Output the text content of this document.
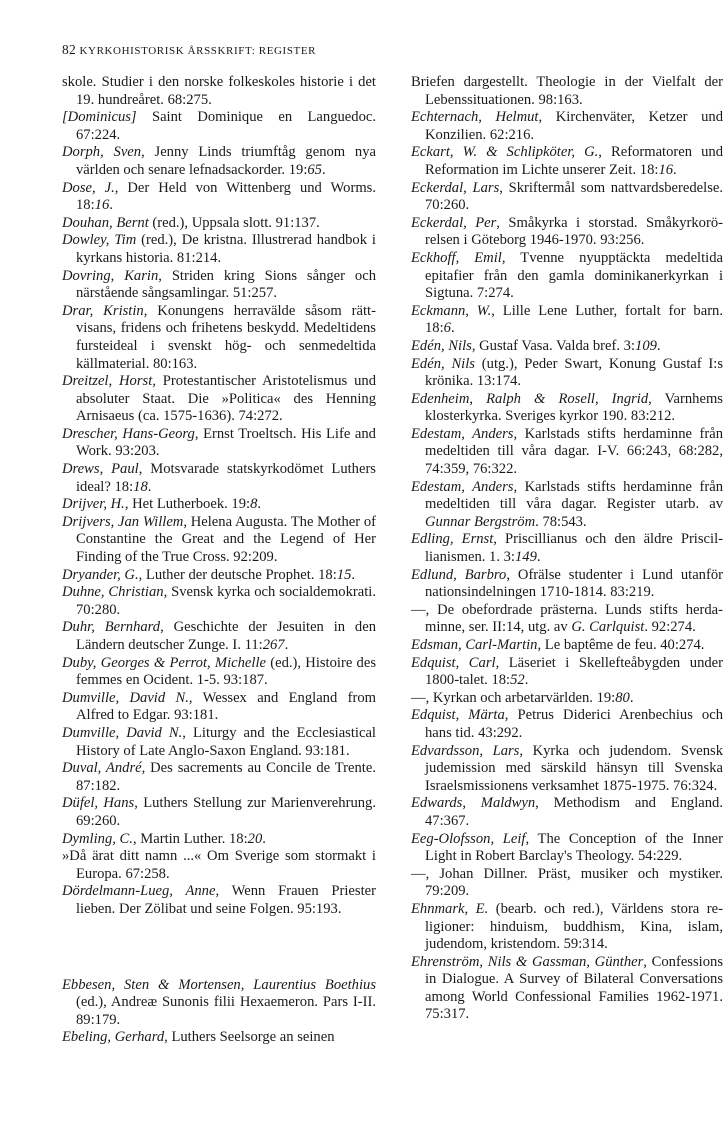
82 KYRKOHISTORISK ÅRSSKRIFT: REGISTER

skole. Studier i den norske folkeskoles historie i det 19. hundreåret. 68:275.

[Dominicus] Saint Dominique en Languedoc. 67:224.

Dorph, Sven, Jenny Linds triumftåg genom nya världen och senare lefnadsackorder. 19:65.

Dose, J., Der Held von Wittenberg und Worms. 18:16.

Douhan, Bernt (red.), Uppsala slott. 91:137.

Dowley, Tim (red.), De kristna. Illustrerad handbok i kyrkans historia. 81:214.

Dovring, Karin, Striden kring Sions sånger och närstående sångsamlingar. 51:257.

Drar, Kristin, Konungens herravälde såsom rättvisans, fridens och frihetens beskydd. Medeltidens fursteideal i svenskt hög- och senmedeltida källmaterial. 80:163.

Dreitzel, Horst, Protestantischer Aristotelismus und absoluter Staat. Die »Politica« des Henning Arnisaeus (ca. 1575-1636). 74:272.

Drescher, Hans-Georg, Ernst Troeltsch. His Life and Work. 93:203.

Drews, Paul, Motsvarade statskyrkodömet Luthers ideal? 18:18.

Drijver, H., Het Lutherboek. 19:8.

Drijvers, Jan Willem, Helena Augusta. The Mother of Constantine the Great and the Legend of Her Finding of the True Cross. 92:209.

Dryander, G., Luther der deutsche Prophet. 18:15.

Duhne, Christian, Svensk kyrka och socialdemokrati. 70:280.

Duhr, Bernhard, Geschichte der Jesuiten in den Ländern deutscher Zunge. I. 11:267.

Duby, Georges & Perrot, Michelle (ed.), Histoire des femmes en Ocident. 1-5. 93:187.

Dumville, David N., Wessex and England from Alfred to Edgar. 93:181.

Dumville, David N., Liturgy and the Ecclesiastical History of Late Anglo-Saxon England. 93:181.

Duval, André, Des sacrements au Concile de Trente. 87:182.

Düfel, Hans, Luthers Stellung zur Marienverehrung. 69:260.

Dymling, C., Martin Luther. 18:20.

»Då ärat ditt namn ...« Om Sverige som stormakt i Europa. 67:258.

Dördelmann-Lueg, Anne, Wenn Frauen Priester lieben. Der Zölibat und seine Folgen. 95:193.

Ebbesen, Sten & Mortensen, Laurentius Boethius (ed.), Andreæ Sunonis filii Hexaemeron. Pars I-II. 89:179.

Ebeling, Gerhard, Luthers Seelsorge an seinen

Briefen dargestellt. Theologie in der Vielfalt der Lebenssituationen. 98:163.

Echternach, Helmut, Kirchenväter, Ketzer und Konzilien. 62:216.

Eckart, W. & Schlipköter, G., Reformatoren und Reformation im Lichte unserer Zeit. 18:16.

Eckerdal, Lars, Skriftermål som nattvardsberedelse. 70:260.

Eckerdal, Per, Småkyrka i storstad. Småkyrkorörelsen i Göteborg 1946-1970. 93:256.

Eckhoff, Emil, Tvenne nyupptäckta medeltida epitafier från den gamla dominikanerkyrkan i Sigtuna. 7:274.

Eckmann, W., Lille Lene Luther, fortalt for barn. 18:6.

Edén, Nils, Gustaf Vasa. Valda bref. 3:109.

Edén, Nils (utg.), Peder Swart, Konung Gustaf I:s krönika. 13:174.

Edenheim, Ralph & Rosell, Ingrid, Varnhems klosterkyrka. Sveriges kyrkor 190. 83:212.

Edestam, Anders, Karlstads stifts herdaminne från medeltiden till våra dagar. I-V. 66:243, 68:282, 74:359, 76:322.

Edestam, Anders, Karlstads stifts herdaminne från medeltiden till våra dagar. Register utarb. av Gunnar Bergström. 78:543.

Edling, Ernst, Priscillianus och den äldre Priscillianismen. 1. 3:149.

Edlund, Barbro, Ofrälse studenter i Lund utanför nationsindelningen 1710-1814. 83:219.

—, De obefordrade prästerna. Lunds stifts herdaminne, ser. II:14, utg. av G. Carlquist. 92:274.

Edsman, Carl-Martin, Le baptême de feu. 40:274.

Edquist, Carl, Läseriet i Skellefteåbygden under 1800-talet. 18:52.

—, Kyrkan och arbetarvärlden. 19:80.

Edquist, Märta, Petrus Diderici Arenbechius och hans tid. 43:292.

Edvardsson, Lars, Kyrka och judendom. Svensk judemission med särskild hänsyn till Svenska Israelsmissionens verksamhet 1875-1975. 76:324.

Edwards, Maldwyn, Methodism and England. 47:367.

Eeg-Olofsson, Leif, The Conception of the Inner Light in Robert Barclay's Theology. 54:229.

—, Johan Dillner. Präst, musiker och mystiker. 79:209.

Ehnmark, E. (bearb. och red.), Världens stora religioner: hinduism, buddhism, Kina, islam, judendom, kristendom. 59:314.

Ehrenström, Nils & Gassman, Günther, Confessions in Dialogue. A Survey of Bilateral Conversations among World Confessional Families 1962-1971. 75:317.
